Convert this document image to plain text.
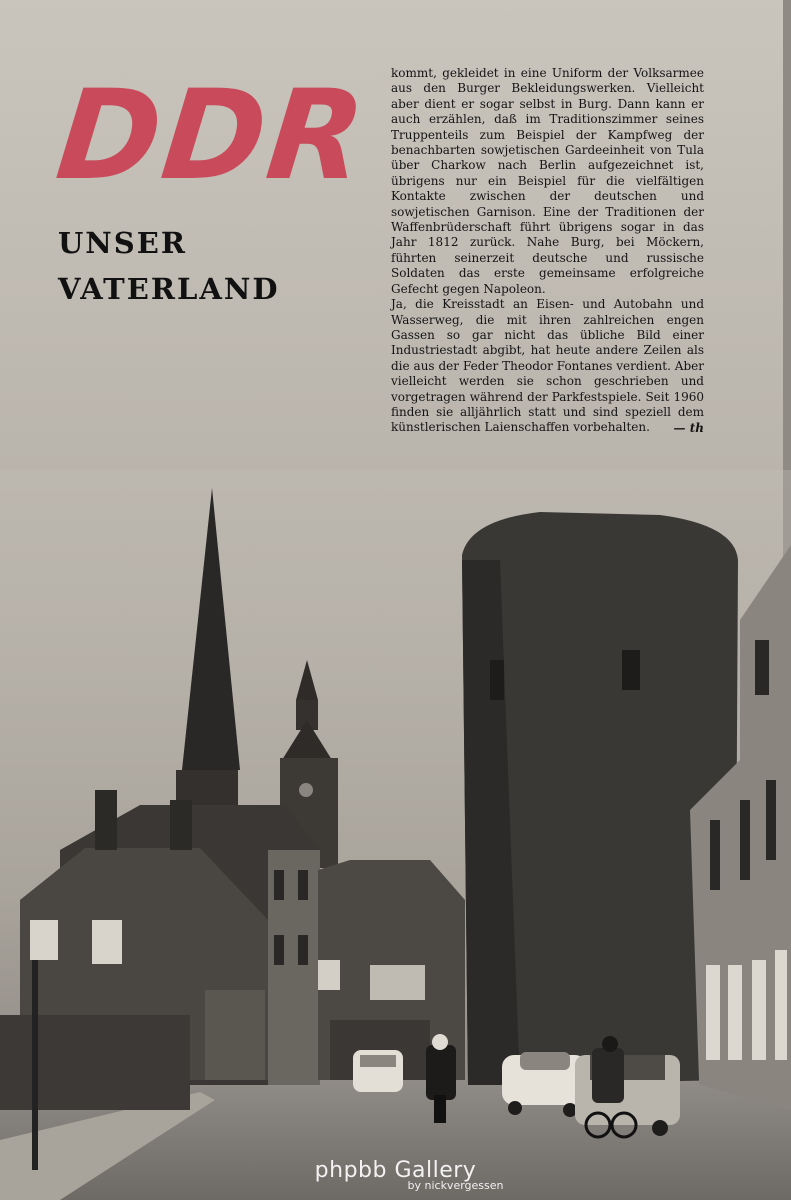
DDR

UNSER

VATERLAND

kommt, gekleidet in eine Uniform der Volksarmee aus den Burger Bekleidungswerken. Vielleicht aber dient er sogar selbst in Burg. Dann kann er auch erzählen, daß im Traditionszimmer seines Truppenteils zum Beispiel der Kampfweg der benachbarten sowjetischen Gardeeinheit von Tula über Charkow nach Berlin aufgezeichnet ist, übrigens nur ein Beispiel für die vielfältigen Kontakte zwischen der deutschen und sowjetischen Garnison. Eine der Traditionen der Waffenbrüderschaft führt übrigens sogar in das Jahr 1812 zurück. Nahe Burg, bei Möckern, führten seinerzeit deutsche und russische Soldaten das erste gemeinsame erfolgreiche Gefecht gegen Napoleon.

Ja, die Kreisstadt an Eisen- und Autobahn und Wasserweg, die mit ihren zahlreichen engen Gassen so gar nicht das übliche Bild einer Industriestadt abgibt, hat heute andere Zeilen als die aus der Feder Theodor Fontanes verdient. Aber vielleicht werden sie schon geschrieben und vorgetragen während der Parkfestspiele. Seit 1960 finden sie alljährlich statt und sind speziell dem künstlerischen Laienschaffen vorbehalten.	— th
phpbb Gallery
by nickvergessen
